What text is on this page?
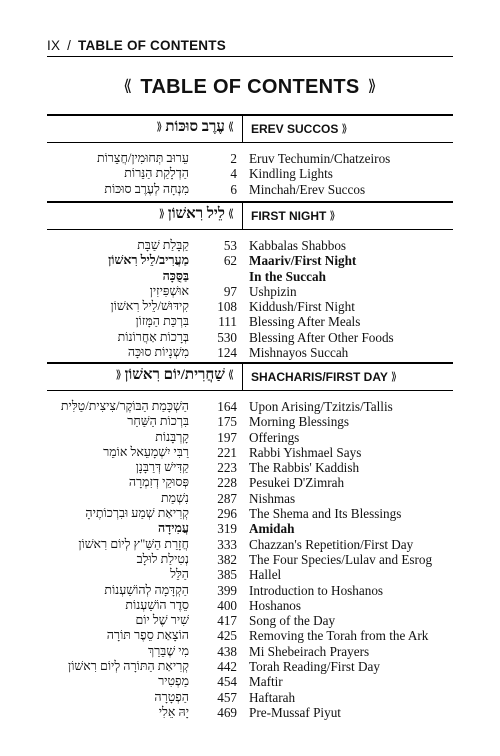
IX / TABLE OF CONTENTS
⟪ TABLE OF CONTENTS ⟫
⟫עֶרֶב סוּכּוֹת⟪	EREV SUCCOS ⟫
עֵרוּב תְּחוּמִין/חֲצֵרוֹת	2 Eruv Techumin/Chatzeiros
הַדְלָקַת הַנֵּרוֹת	4 Kindling Lights
מִנְחָה לְעֶרֶב סוּכּוֹת	6 Minchah/Erev Succos
⟫לֵיל רִאשׁוֹן⟪	FIRST NIGHT ⟫
קַבָּלַת שַׁבָּת	53 Kabbalas Shabbos
מַעֲרִיב/לֵיל רִאשׁוֹן	62 Maariv/First Night
בַּסֻּכָּה	In the Succah
אוּשְׁפִּיזִין	97 Ushpizin
קִידּוּשׁ/לֵיל רִאשׁוֹן	108 Kiddush/First Night
בִּרְכַּת הַמָּזוֹן	111 Blessing After Meals
בְּרָכוֹת אַחֲרוֹנוֹת	530 Blessing After Other Foods
מִשְׁנָיוֹת סוּכָּה	124 Mishnayos Succah
⟫שַׁחֲרִית/יוֹם רִאשׁוֹן⟪	SHACHARIS/FIRST DAY ⟫
הַשְׁכָּמַת הַבּוֹקֶר/צִיצִית/טַלִּית	164 Upon Arising/Tzitzis/Tallis
בִּרְכוֹת הַשַּׁחַר	175 Morning Blessings
קָרְבָּנוֹת	197 Offerings
רַבִּי יִשְׁמָעֵאל אוֹמֵר	221 Rabbi Yishmael Says
קַדִּישׁ דְּרַבָּנָן	223 The Rabbis' Kaddish
פְּסוּקֵי דְזִמְרָה	228 Pesukei D'Zimrah
נִשְׁמַת	287 Nishmas
קְרִיאַת שְׁמַע וּבִרְכוֹתֶיהָ	296 The Shema and Its Blessings
עֲמִידָה	319 Amidah
חֲזָרַת הַשַּׁ"ץ לְיוֹם רִאשׁוֹן	333 Chazzan's Repetition/First Day
נְטִילַת לוּלָב	382 The Four Species/Lulav and Esrog
הַלֵּל	385 Hallel
הַקְדָּמָה לְהוֹשַׁעְנוֹת	399 Introduction to Hoshanos
סֵדֶר הוֹשַׁעְנוֹת	400 Hoshanos
שִׁיר שֶׁל יוֹם	417 Song of the Day
הוֹצָאַת סֵפֶר תּוֹרָה	425 Removing the Torah from the Ark
מִי שֶׁבֵּרַךְ	438 Mi Shebeirach Prayers
קְרִיאַת הַתּוֹרָה לְיוֹם רִאשׁוֹן	442 Torah Reading/First Day
מַפְטִיר	454 Maftir
הַפְטָרָה	457 Haftarah
יָהּ אֵלִי	469 Pre-Mussaf Piyut
